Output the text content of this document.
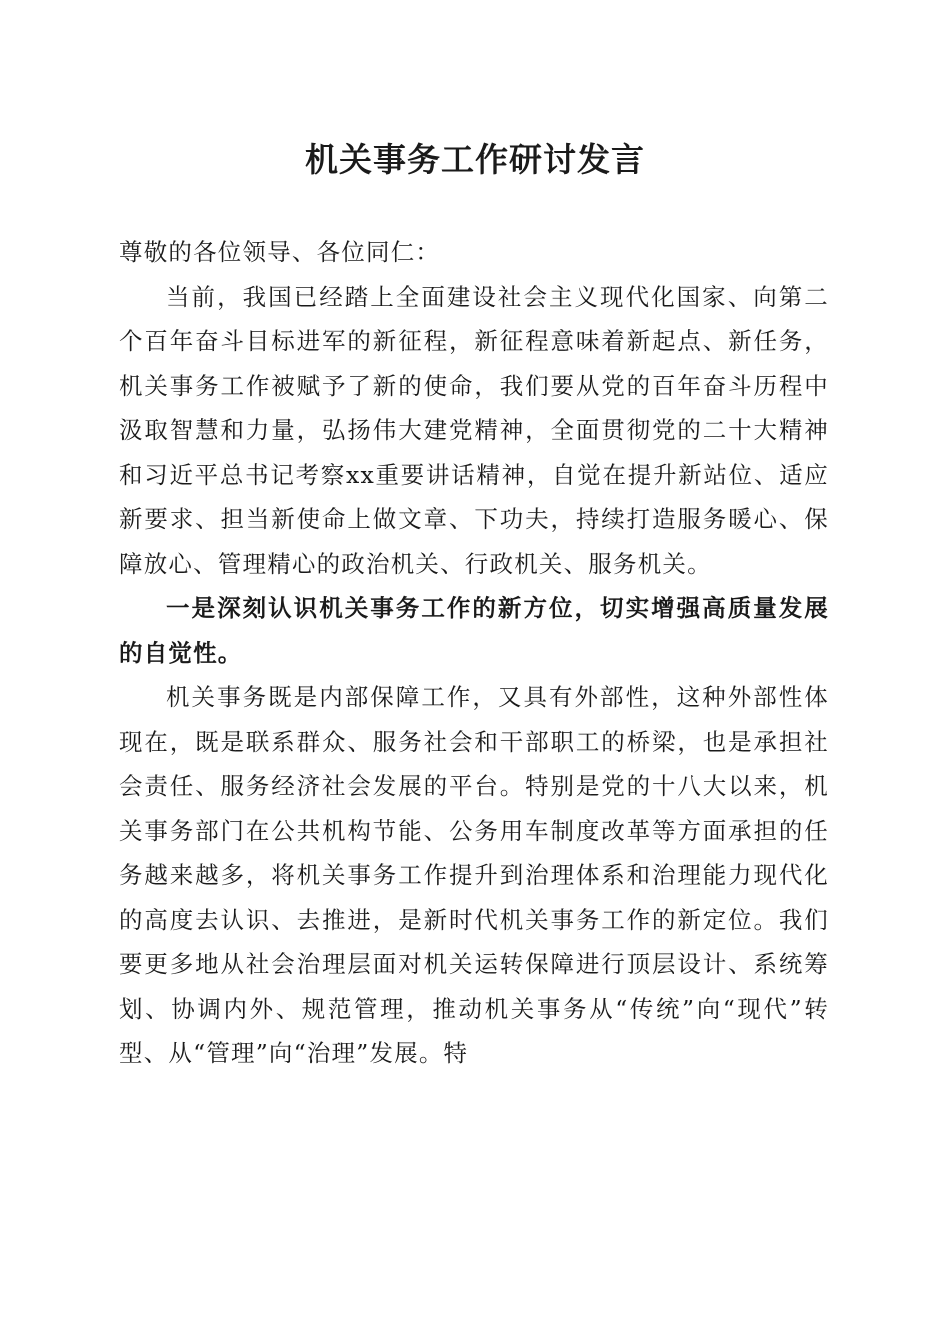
机关事务工作研讨发言

尊敬的各位领导、各位同仁：

当前，我国已经踏上全面建设社会主义现代化国家、向第二个百年奋斗目标进军的新征程，新征程意味着新起点、新任务，机关事务工作被赋予了新的使命，我们要从党的百年奋斗历程中汲取智慧和力量，弘扬伟大建党精神，全面贯彻党的二十大精神和习近平总书记考察xx重要讲话精神，自觉在提升新站位、适应新要求、担当新使命上做文章、下功夫，持续打造服务暖心、保障放心、管理精心的政治机关、行政机关、服务机关。

一是深刻认识机关事务工作的新方位，切实增强高质量发展的自觉性。

机关事务既是内部保障工作，又具有外部性，这种外部性体现在，既是联系群众、服务社会和干部职工的桥梁，也是承担社会责任、服务经济社会发展的平台。特别是党的十八大以来，机关事务部门在公共机构节能、公务用车制度改革等方面承担的任务越来越多，将机关事务工作提升到治理体系和治理能力现代化的高度去认识、去推进，是新时代机关事务工作的新定位。我们要更多地从社会治理层面对机关运转保障进行顶层设计、系统筹划、协调内外、规范管理，推动机关事务从“传统”向“现代”转型、从“管理”向“治理”发展。特
